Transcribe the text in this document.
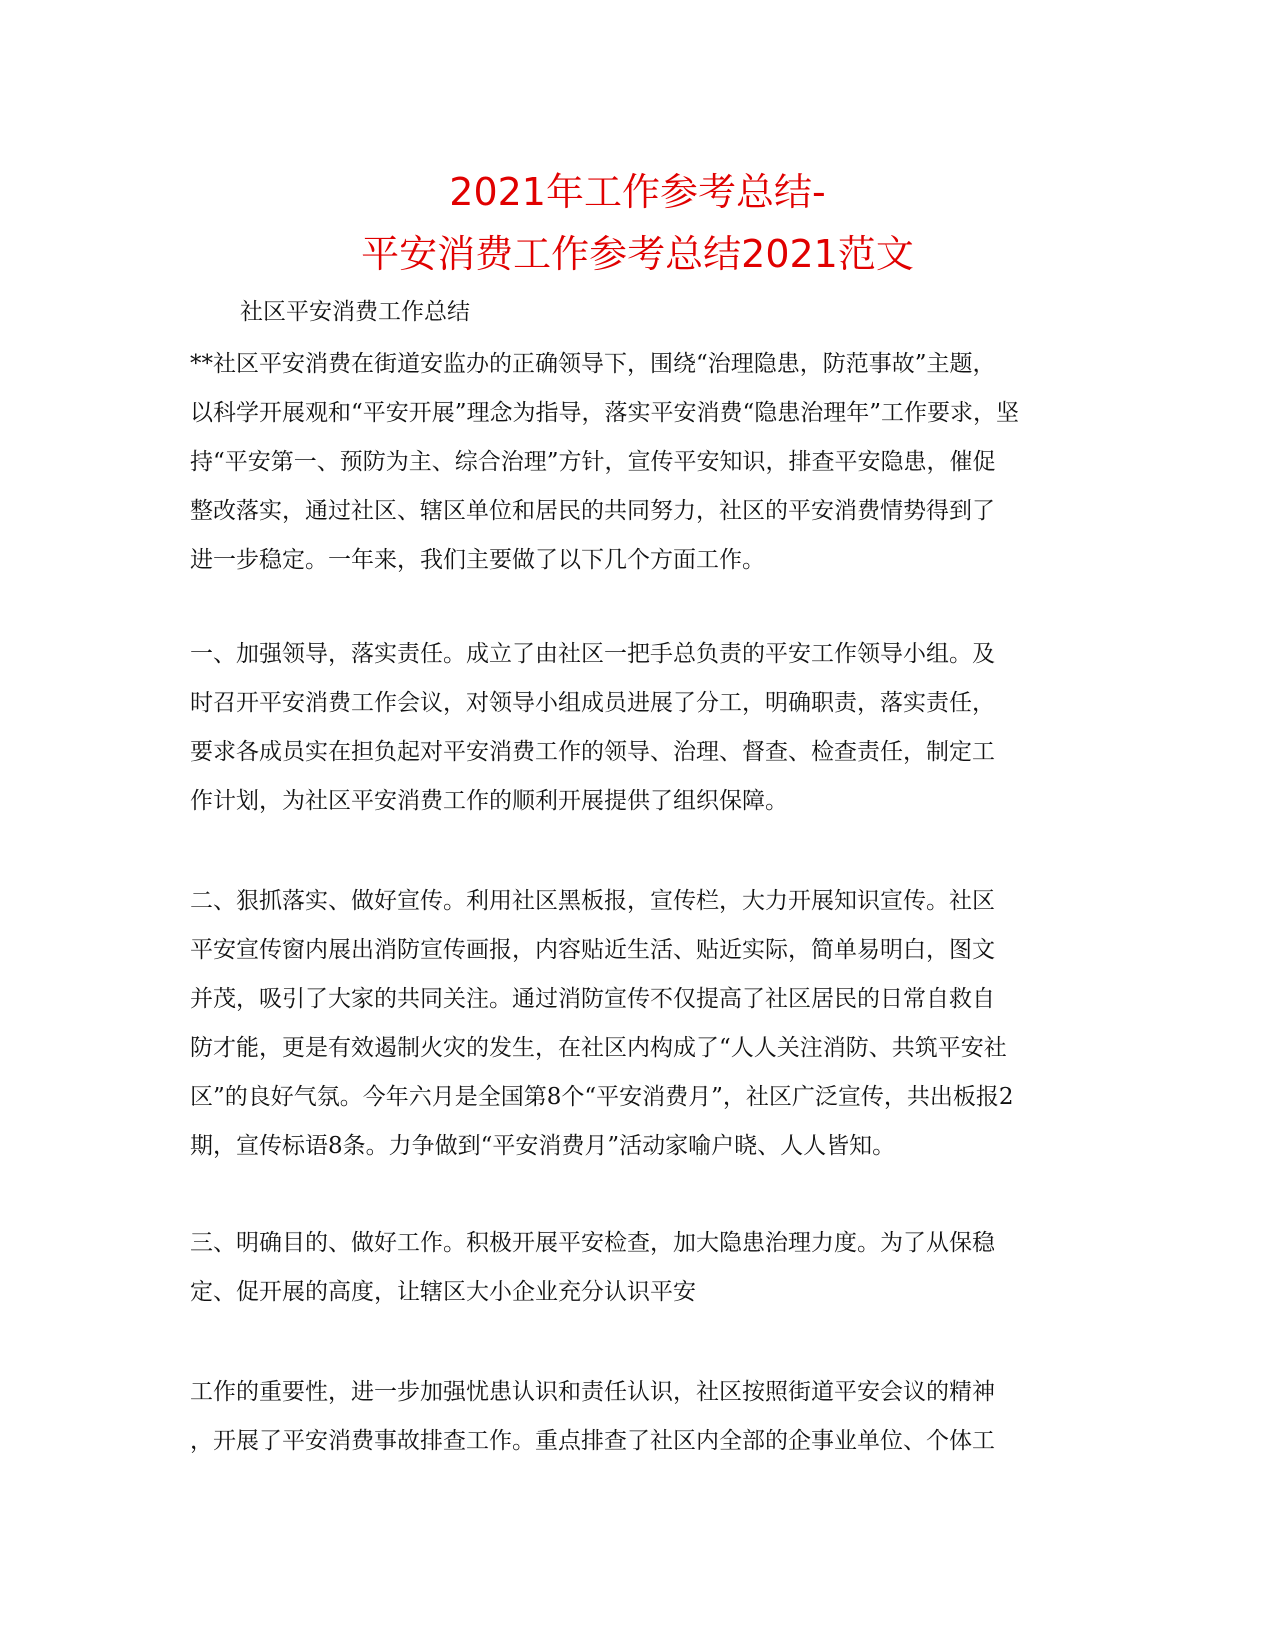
2021年工作参考总结-
平安消费工作参考总结2021范文
社区平安消费工作总结
**社区平安消费在街道安监办的正确领导下，围绕“治理隐患，防范事故”主题，
以科学开展观和“平安开展”理念为指导，落实平安消费“隐患治理年”工作要求，坚
持“平安第一、预防为主、综合治理”方针，宣传平安知识，排查平安隐患，催促
整改落实，通过社区、辖区单位和居民的共同努力，社区的平安消费情势得到了
进一步稳定。一年来，我们主要做了以下几个方面工作。
一、加强领导，落实责任。成立了由社区一把手总负责的平安工作领导小组。及
时召开平安消费工作会议，对领导小组成员进展了分工，明确职责，落实责任，
要求各成员实在担负起对平安消费工作的领导、治理、督查、检查责任，制定工
作计划，为社区平安消费工作的顺利开展提供了组织保障。
二、狠抓落实、做好宣传。利用社区黑板报，宣传栏，大力开展知识宣传。社区
平安宣传窗内展出消防宣传画报，内容贴近生活、贴近实际，简单易明白，图文
并茂，吸引了大家的共同关注。通过消防宣传不仅提高了社区居民的日常自救自
防才能，更是有效遏制火灾的发生，在社区内构成了“人人关注消防、共筑平安社
区”的良好气氛。今年六月是全国第8个“平安消费月”，社区广泛宣传，共出板报2
期，宣传标语8条。力争做到“平安消费月”活动家喻户晓、人人皆知。
三、明确目的、做好工作。积极开展平安检查，加大隐患治理力度。为了从保稳
定、促开展的高度，让辖区大小企业充分认识平安
工作的重要性，进一步加强忧患认识和责任认识，社区按照街道平安会议的精神
，开展了平安消费事故排查工作。重点排查了社区内全部的企事业单位、个体工
